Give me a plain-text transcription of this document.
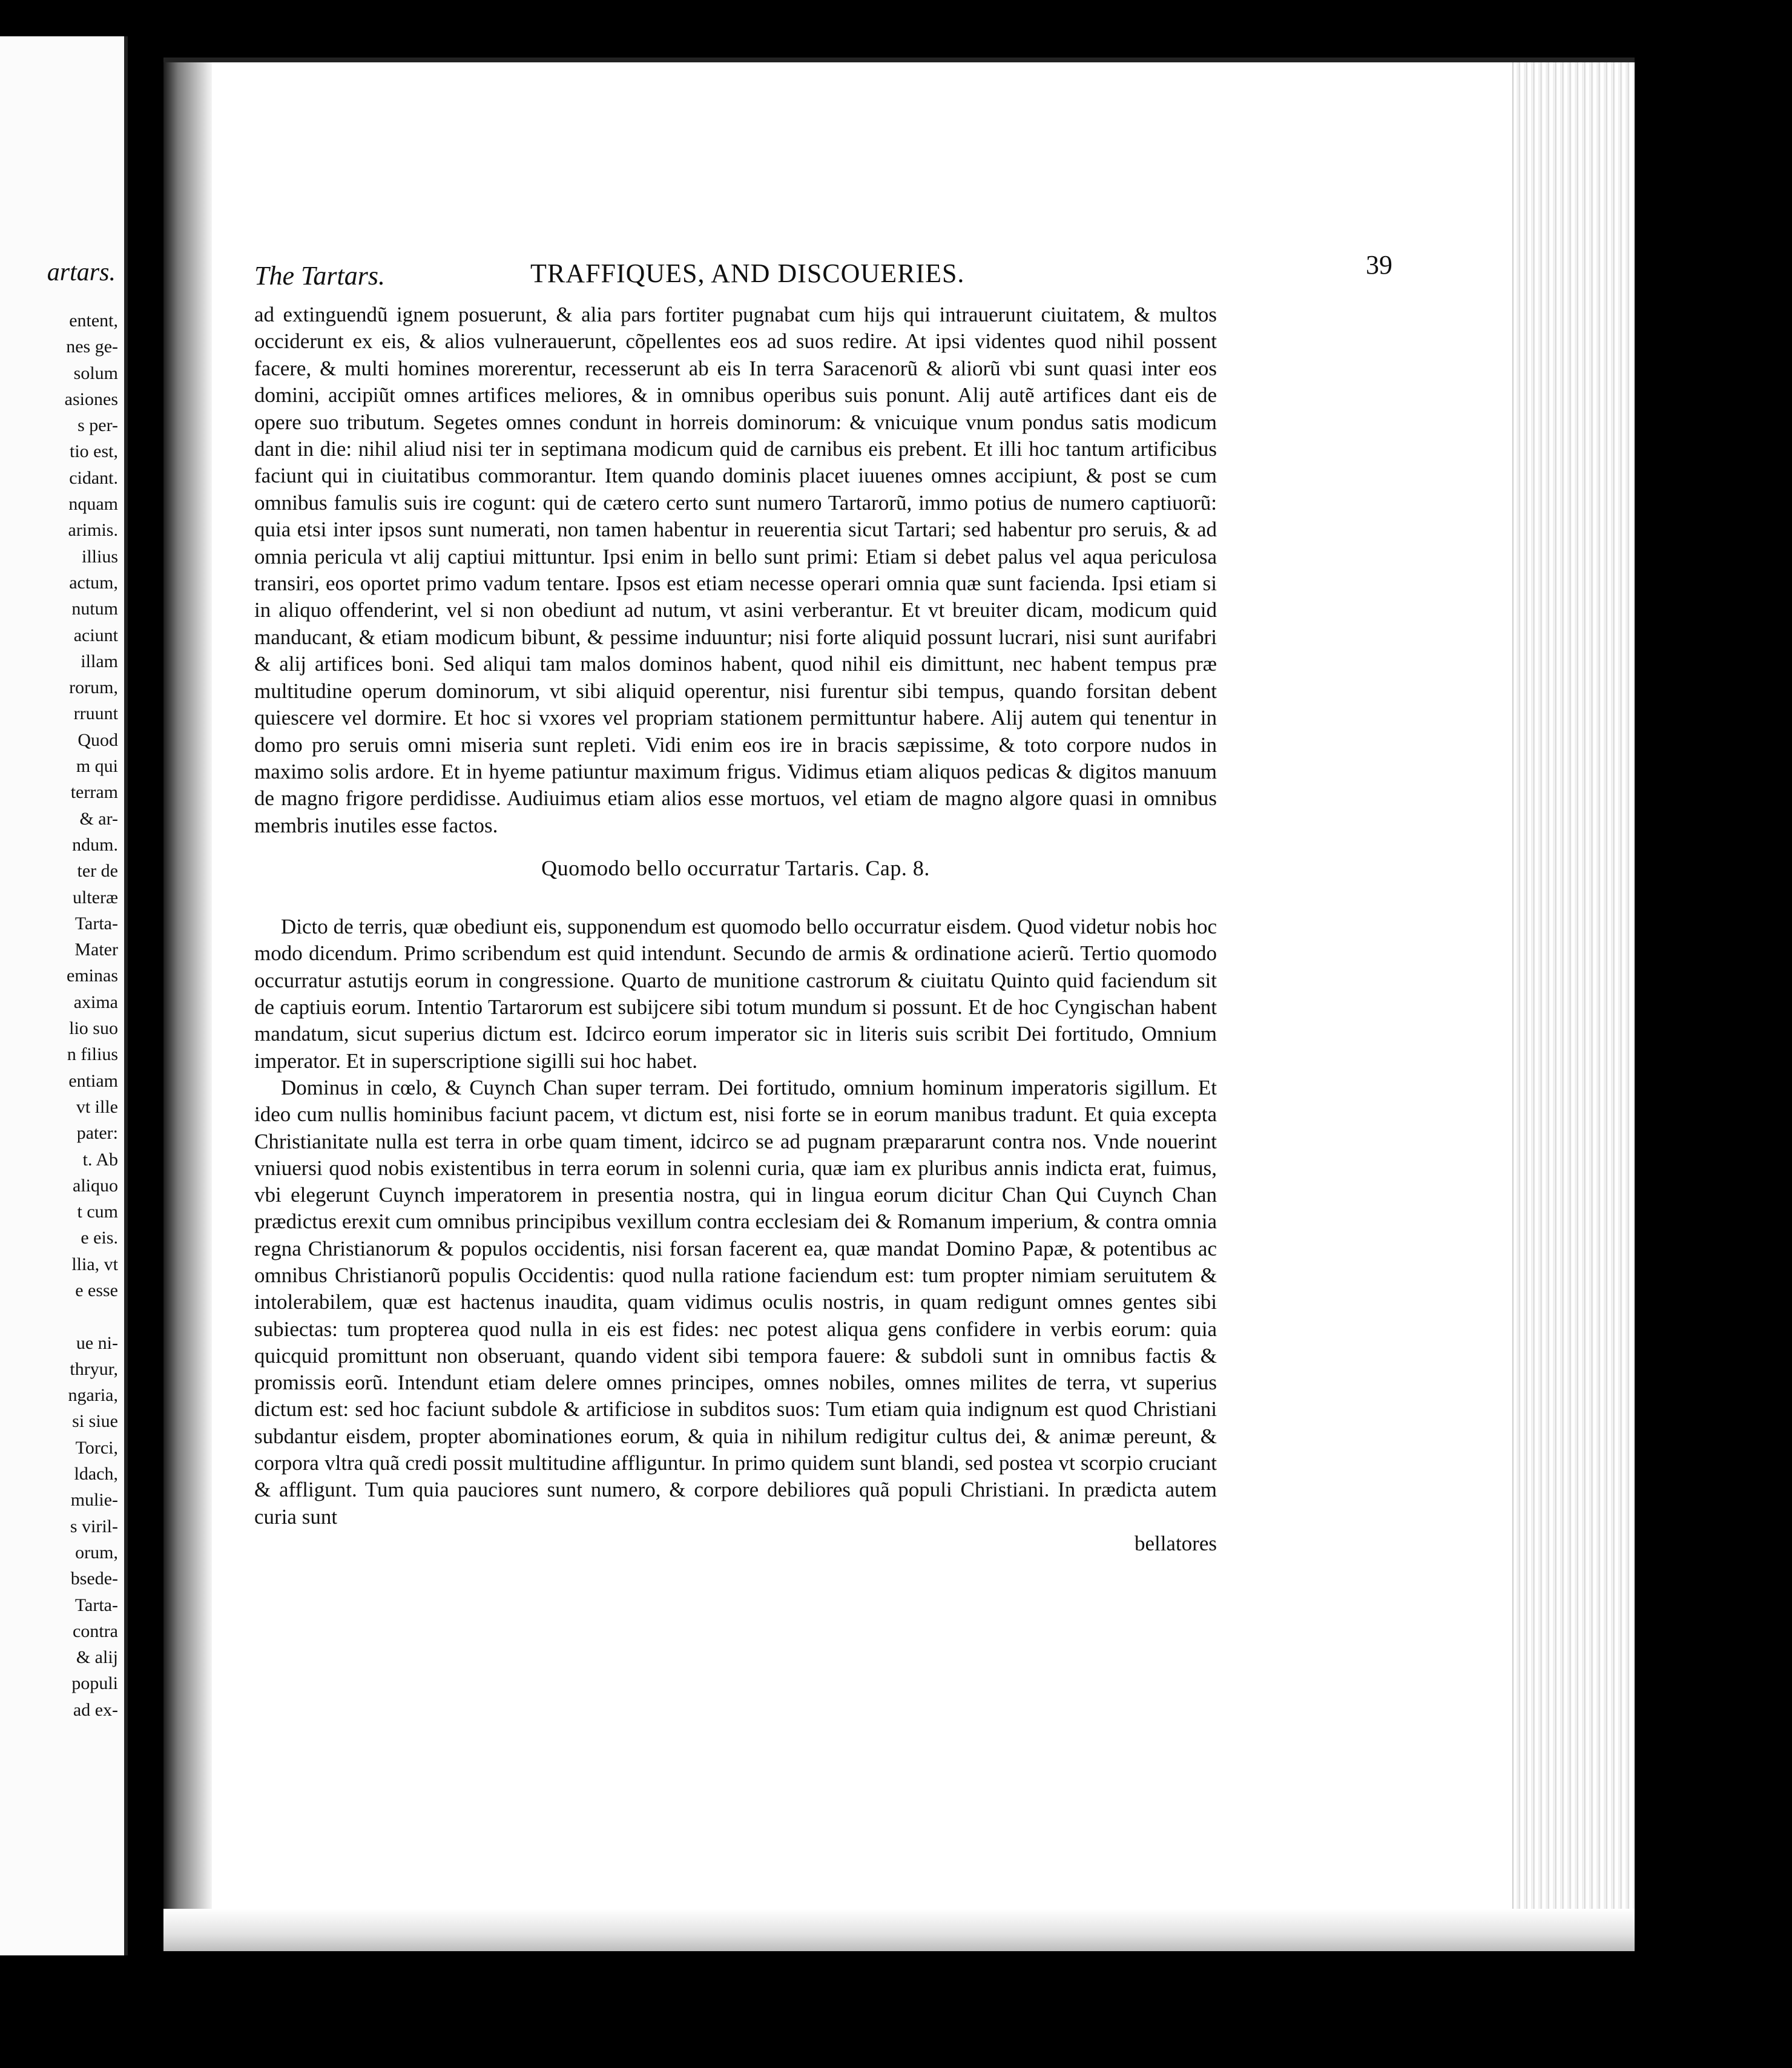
artars.
entent,
nes ge-
solum
asiones
s per-
tio est,
cidant.
nquam
arimis.
illius
actum,
nutum
aciunt
illam
rorum,
rruunt
Quod
m qui
terram
& ar-
ndum.
ter de
ulteræ
Tarta-
Mater
eminas
axima
lio suo
n filius
entiam
vt ille
pater:
t. Ab
aliquo
t cum
e eis.
llia, vt
e esse

ue ni-
thryur,
ngaria,
si siue
Torci,
ldach,
mulie-
s viril-
orum,
bsede-
Tarta-
contra
& alij
populi
ad ex-
The Tartars.	TRAFFIQUES, AND DISCOUERIES.	39

ad extinguendũ ignem posuerunt, & alia pars fortiter pugnabat cum hijs qui intrauerunt ciuitatem, & multos occiderunt ex eis, & alios vulnerauerunt, cõpellentes eos ad suos redire. At ipsi videntes quod nihil possent facere, & multi homines morerentur, recesserunt ab eis In terra Saracenorũ & aliorũ vbi sunt quasi inter eos domini, accipiũt omnes artifices meliores, & in omnibus operibus suis ponunt. Alij autẽ artifices dant eis de opere suo tributum. Segetes omnes condunt in horreis dominorum: & vnicuique vnum pondus satis modicum dant in die: nihil aliud nisi ter in septimana modicum quid de carnibus eis prebent. Et illi hoc tantum artificibus faciunt qui in ciuitatibus commorantur. Item quando dominis placet iuuenes omnes accipiunt, & post se cum omnibus famulis suis ire cogunt: qui de cætero certo sunt numero Tartarorũ, immo potius de numero captiuorũ: quia etsi inter ipsos sunt numerati, non tamen habentur in reuerentia sicut Tartari; sed habentur pro seruis, & ad omnia pericula vt alij captiui mittuntur. Ipsi enim in bello sunt primi: Etiam si debet palus vel aqua periculosa transiri, eos oportet primo vadum tentare. Ipsos est etiam necesse operari omnia quæ sunt facienda. Ipsi etiam si in aliquo offenderint, vel si non obediunt ad nutum, vt asini verberantur. Et vt breuiter dicam, modicum quid manducant, & etiam modicum bibunt, & pessime induuntur; nisi forte aliquid possunt lucrari, nisi sunt aurifabri & alij artifices boni. Sed aliqui tam malos dominos habent, quod nihil eis dimittunt, nec habent tempus præ multitudine operum dominorum, vt sibi aliquid operentur, nisi furentur sibi tempus, quando forsitan debent quiescere vel dormire. Et hoc si vxores vel propriam stationem permittuntur habere. Alij autem qui tenentur in domo pro seruis omni miseria sunt repleti. Vidi enim eos ire in bracis sæpissime, & toto corpore nudos in maximo solis ardore. Et in hyeme patiuntur maximum frigus. Vidimus etiam aliquos pedicas & digitos manuum de magno frigore perdidisse. Audiuimus etiam alios esse mortuos, vel etiam de magno algore quasi in omnibus membris inutiles esse factos.

Quomodo bello occurratur Tartaris. Cap. 8.

Dicto de terris, quæ obediunt eis, supponendum est quomodo bello occurratur eisdem. Quod videtur nobis hoc modo dicendum. Primo scribendum est quid intendunt. Secundo de armis & ordinatione acierũ. Tertio quomodo occurratur astutijs eorum in congressione. Quarto de munitione castrorum & ciuitatu Quinto quid faciendum sit de captiuis eorum. Intentio Tartarorum est subijcere sibi totum mundum si possunt. Et de hoc Cyngischan habent mandatum, sicut superius dictum est. Idcirco eorum imperator sic in literis suis scribit Dei fortitudo, Omnium imperator. Et in superscriptione sigilli sui hoc habet.

Dominus in cœlo, & Cuynch Chan super terram. Dei fortitudo, omnium hominum imperatoris sigillum. Et ideo cum nullis hominibus faciunt pacem, vt dictum est, nisi forte se in eorum manibus tradunt. Et quia excepta Christianitate nulla est terra in orbe quam timent, idcirco se ad pugnam præpararunt contra nos. Vnde nouerint vniuersi quod nobis existentibus in terra eorum in solenni curia, quæ iam ex pluribus annis indicta erat, fuimus, vbi elegerunt Cuynch imperatorem in presentia nostra, qui in lingua eorum dicitur Chan Qui Cuynch Chan prædictus erexit cum omnibus principibus vexillum contra ecclesiam dei & Romanum imperium, & contra omnia regna Christianorum & populos occidentis, nisi forsan facerent ea, quæ mandat Domino Papæ, & potentibus ac omnibus Christianorũ populis Occidentis: quod nulla ratione faciendum est: tum propter nimiam seruitutem & intolerabilem, quæ est hactenus inaudita, quam vidimus oculis nostris, in quam redigunt omnes gentes sibi subiectas: tum propterea quod nulla in eis est fides: nec potest aliqua gens confidere in verbis eorum: quia quicquid promittunt non obseruant, quando vident sibi tempora fauere: & subdoli sunt in omnibus factis & promissis eorũ. Intendunt etiam delere omnes principes, omnes nobiles, omnes milites de terra, vt superius dictum est: sed hoc faciunt subdole & artificiose in subditos suos: Tum etiam quia indignum est quod Christiani subdantur eisdem, propter abominationes eorum, & quia in nihilum redigitur cultus dei, & animæ pereunt, & corpora vltra quã credi possit multitudine affliguntur. In primo quidem sunt blandi, sed postea vt scorpio cruciant & affligunt. Tum quia pauciores sunt numero, & corpore debiliores quã populi Christiani. In prædicta autem curia sunt

bellatores
